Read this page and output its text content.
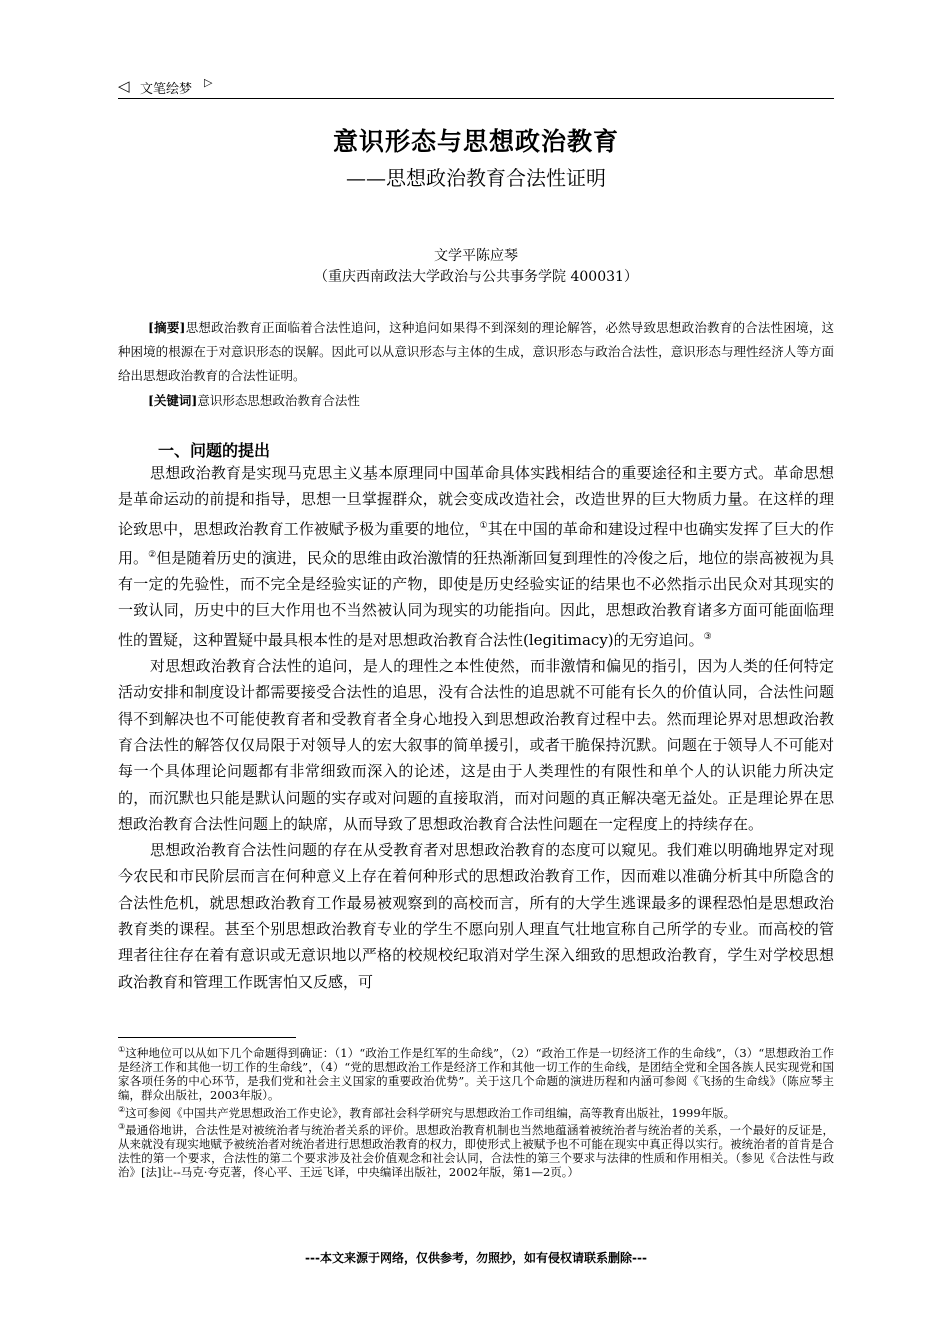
◁ 文笔绘梦 ▷
意识形态与思想政治教育
——思想政治教育合法性证明
文学平陈应琴
（重庆西南政法大学政治与公共事务学院 400031）
[摘要]思想政治教育正面临着合法性追问，这种追问如果得不到深刻的理论解答，必然导致思想政治教育的合法性困境，这种困境的根源在于对意识形态的误解。因此可以从意识形态与主体的生成，意识形态与政治合法性，意识形态与理性经济人等方面给出思想政治教育的合法性证明。
[关键词]意识形态思想政治教育合法性
一、问题的提出

思想政治教育是实现马克思主义基本原理同中国革命具体实践相结合的重要途径和主要方式。革命思想是革命运动的前提和指导，思想一旦掌握群众，就会变成改造社会，改造世界的巨大物质力量。在这样的理论致思中，思想政治教育工作被赋予极为重要的地位，①其在中国的革命和建设过程中也确实发挥了巨大的作用。②但是随着历史的演进，民众的思维由政治激情的狂热渐渐回复到理性的冷俊之后，地位的崇高被视为具有一定的先验性，而不完全是经验实证的产物，即使是历史经验实证的结果也不必然指示出民众对其现实的一致认同，历史中的巨大作用也不当然被认同为现实的功能指向。因此，思想政治教育诸多方面可能面临理性的置疑，这种置疑中最具根本性的是对思想政治教育合法性(legitimacy)的无穷追问。③

对思想政治教育合法性的追问，是人的理性之本性使然，而非激情和偏见的指引，因为人类的任何特定活动安排和制度设计都需要接受合法性的追思，没有合法性的追思就不可能有长久的价值认同，合法性问题得不到解决也不可能使教育者和受教育者全身心地投入到思想政治教育过程中去。然而理论界对思想政治教育合法性的解答仅仅局限于对领导人的宏大叙事的简单援引，或者干脆保持沉默。问题在于领导人不可能对每一个具体理论问题都有非常细致而深入的论述，这是由于人类理性的有限性和单个人的认识能力所决定的，而沉默也只能是默认问题的实存或对问题的直接取消，而对问题的真正解决毫无益处。正是理论界在思想政治教育合法性问题上的缺席，从而导致了思想政治教育合法性问题在一定程度上的持续存在。

思想政治教育合法性问题的存在从受教育者对思想政治教育的态度可以窥见。我们难以明确地界定对现今农民和市民阶层而言在何种意义上存在着何种形式的思想政治教育工作，因而难以准确分析其中所隐含的合法性危机，就思想政治教育工作最易被观察到的高校而言，所有的大学生逃课最多的课程恐怕是思想政治教育类的课程。甚至个别思想政治教育专业的学生不愿向别人理直气壮地宣称自己所学的专业。而高校的管理者往往存在着有意识或无意识地以严格的校规校纪取消对学生深入细致的思想政治教育，学生对学校思想政治教育和管理工作既害怕又反感，可

①这种地位可以从如下几个命题得到确证：（1）“政治工作是红军的生命线”，（2）“政治工作是一切经济工作的生命线”，（3）“思想政治工作是经济工作和其他一切工作的生命线”，（4）“党的思想政治工作是经济工作和其他一切工作的生命线，是团结全党和全国各族人民实现党和国家各项任务的中心环节，是我们党和社会主义国家的重要政治优势”。关于这几个命题的演进历程和内涵可参阅《飞扬的生命线》（陈应琴主编，群众出版社，2003年版）。

②这可参阅《中国共产党思想政治工作史论》，教育部社会科学研究与思想政治工作司组编，高等教育出版社，1999年版。

③最通俗地讲，合法性是对被统治者与统治者关系的评价。思想政治教育机制也当然地蕴涵着被统治者与统治者的关系，一个最好的反证是，从来就没有现实地赋予被统治者对统治者进行思想政治教育的权力，即使形式上被赋予也不可能在现实中真正得以实行。被统治者的首肯是合法性的第一个要求，合法性的第二个要求涉及社会价值观念和社会认同，合法性的第三个要求与法律的性质和作用相关。（参见《合法性与政治》[法]让--马克·夸克著，佟心平、王远飞译，中央编译出版社，2002年版，第1—2页。）

---本文来源于网络，仅供参考，勿照抄，如有侵权请联系删除---
